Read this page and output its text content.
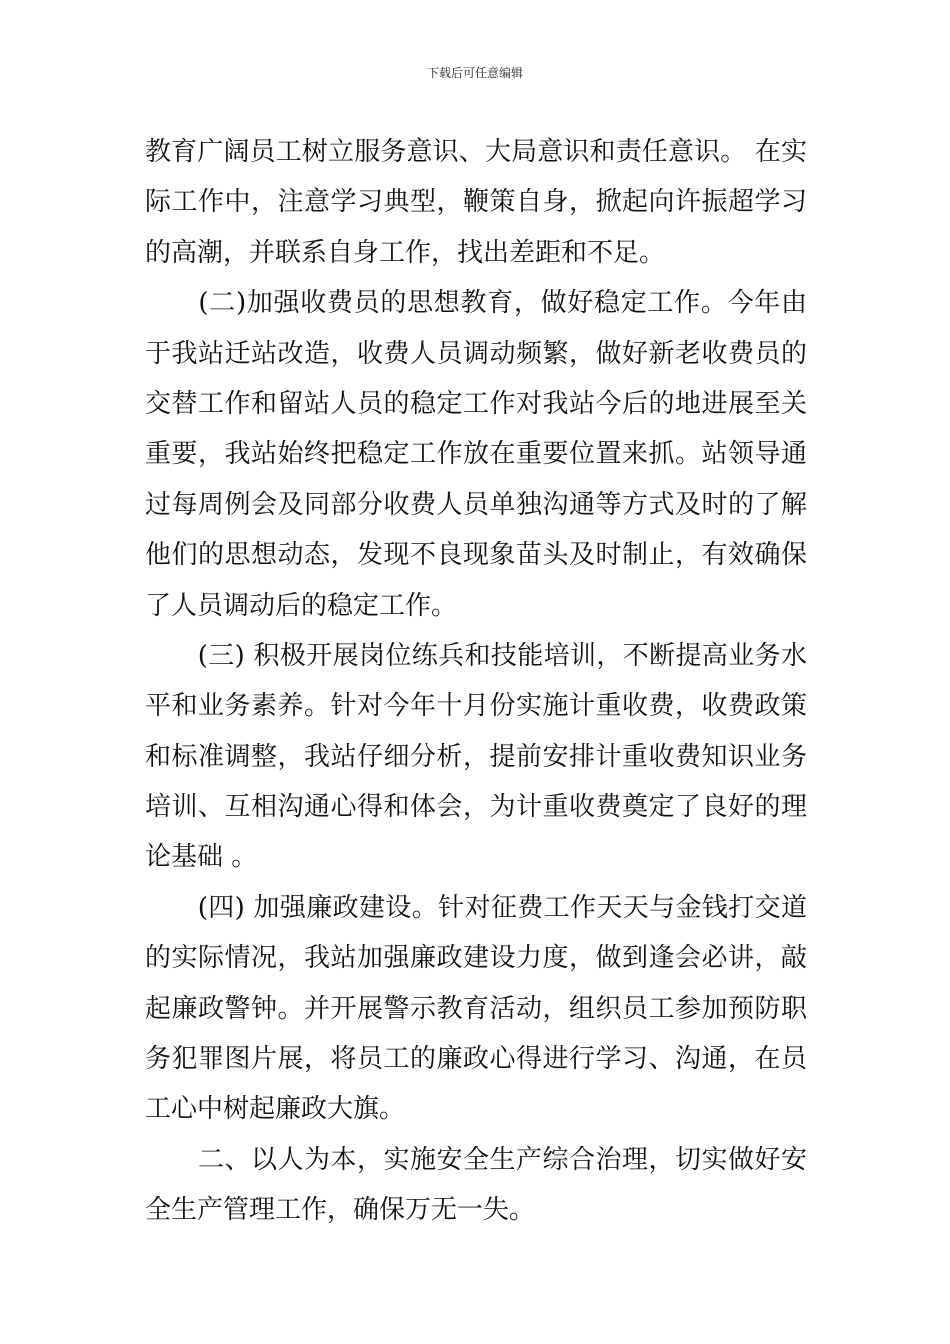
下载后可任意编辑
教育广阔员工树立服务意识、大局意识和责任意识。 在实
际工作中，注意学习典型，鞭策自身，掀起向许振超学习
的高潮，并联系自身工作，找出差距和不足。
　　(二)加强收费员的思想教育，做好稳定工作。今年由
于我站迁站改造，收费人员调动频繁，做好新老收费员的
交替工作和留站人员的稳定工作对我站今后的地进展至关
重要，我站始终把稳定工作放在重要位置来抓。站领导通
过每周例会及同部分收费人员单独沟通等方式及时的了解
他们的思想动态，发现不良现象苗头及时制止，有效确保
了人员调动后的稳定工作。
　　(三) 积极开展岗位练兵和技能培训，不断提高业务水
平和业务素养。针对今年十月份实施计重收费，收费政策
和标准调整，我站仔细分析，提前安排计重收费知识业务
培训、互相沟通心得和体会，为计重收费奠定了良好的理
论基础 。
　　(四) 加强廉政建设。针对征费工作天天与金钱打交道
的实际情况，我站加强廉政建设力度，做到逢会必讲，敲
起廉政警钟。并开展警示教育活动，组织员工参加预防职
务犯罪图片展，将员工的廉政心得进行学习、沟通，在员
工心中树起廉政大旗。
　　二、以人为本，实施安全生产综合治理，切实做好安
全生产管理工作，确保万无一失。
